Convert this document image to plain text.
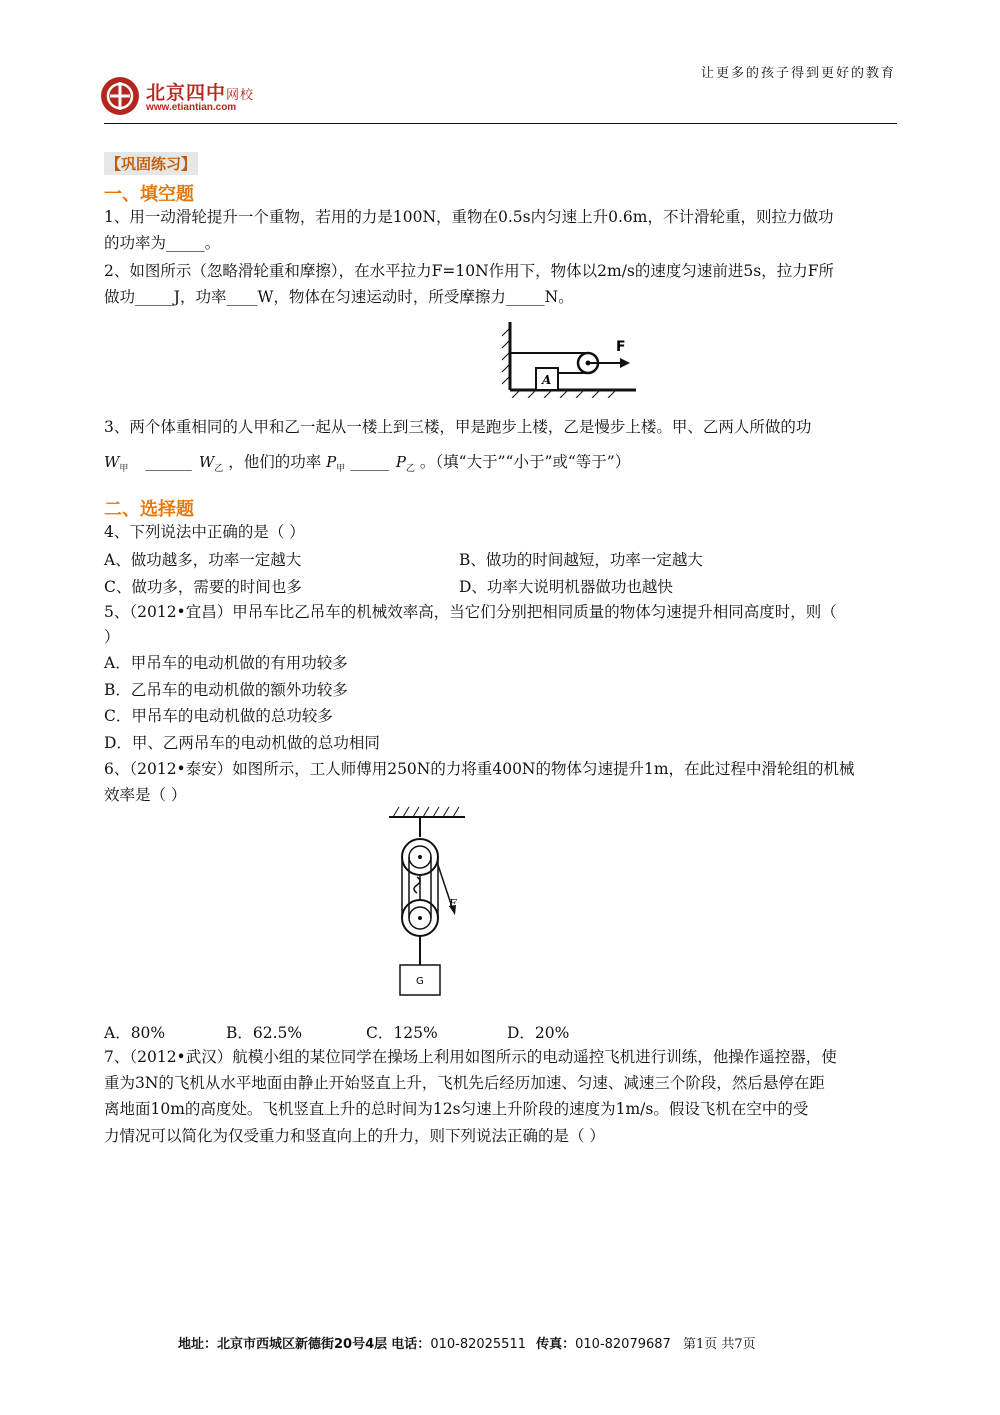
北京四中网校
www.etiantian.com
让更多的孩子得到更好的教育
【巩固练习】
一、填空题
1、用一动滑轮提升一个重物，若用的力是100N，重物在0.5s内匀速上升0.6m，不计滑轮重，则拉力做功
的功率为_____。
2、如图所示（忽略滑轮重和摩擦），在水平拉力F=10N作用下，物体以2m/s的速度匀速前进5s，拉力F所
做功_____J，功率____W，物体在匀速运动时，所受摩擦力_____N。
A
F
3、两个体重相同的人甲和乙一起从一楼上到三楼，甲是跑步上楼，乙是慢步上楼。甲、乙两人所做的功
$W_甲$ ______ $W_乙$ ，他们的功率 $P_甲$ _____ $P_乙$ 。（填“大于”“小于”或“等于”）
二、选择题
4、下列说法中正确的是（ ）
A、做功越多，功率一定越大	B、做功的时间越短，功率一定越大
C、做功多，需要的时间也多	D、功率大说明机器做功也越快
5、（2012•宜昌）甲吊车比乙吊车的机械效率高，当它们分别把相同质量的物体匀速提升相同高度时，则（
）
A．甲吊车的电动机做的有用功较多
B．乙吊车的电动机做的额外功较多
C．甲吊车的电动机做的总功较多
D．甲、乙两吊车的电动机做的总功相同
6、（2012•泰安）如图所示，工人师傅用250N的力将重400N的物体匀速提升1m，在此过程中滑轮组的机械
效率是（ ）
F
G
A．80%	B．62.5%	C．125%	D．20%
7、（2012•武汉）航模小组的某位同学在操场上利用如图所示的电动遥控飞机进行训练，他操作遥控器，使
重为3N的飞机从水平地面由静止开始竖直上升，飞机先后经历加速、匀速、减速三个阶段，然后悬停在距
离地面10m的高度处。飞机竖直上升的总时间为12s匀速上升阶段的速度为1m/s。假设飞机在空中的受
力情况可以简化为仅受重力和竖直向上的升力，则下列说法正确的是（ ）
地址：北京市西城区新德街20号4层 电话：010-82025511 传真：010-82079687 第1页 共7页
